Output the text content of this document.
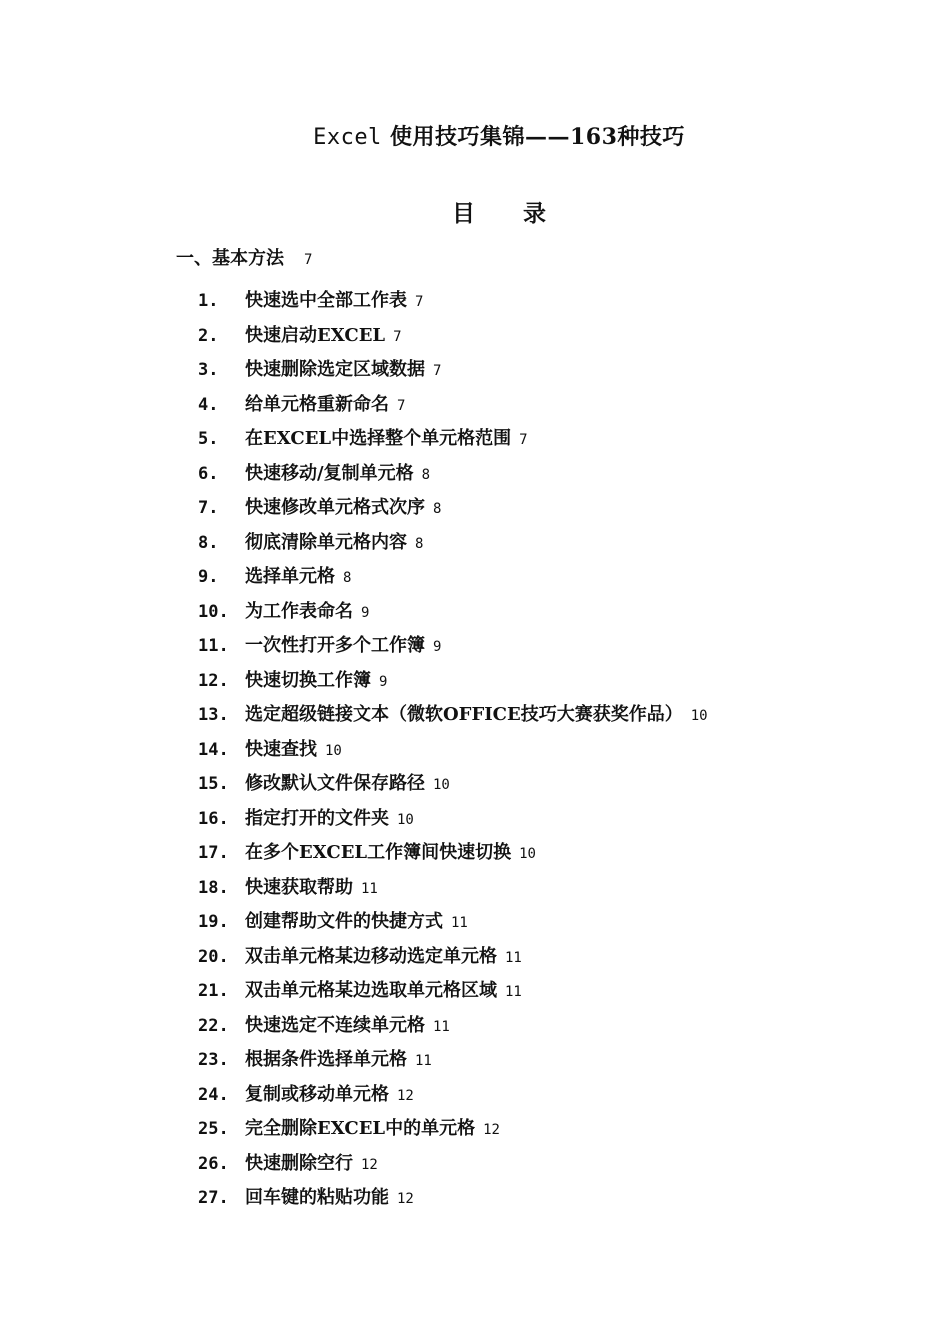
Excel 使用技巧集锦——163种技巧
目 录
一、基本方法 7
1. 快速选中全部工作表 7
2. 快速启动EXCEL 7
3. 快速删除选定区域数据 7
4. 给单元格重新命名 7
5. 在EXCEL中选择整个单元格范围 7
6. 快速移动/复制单元格 8
7. 快速修改单元格式次序 8
8. 彻底清除单元格内容 8
9. 选择单元格 8
10. 为工作表命名 9
11. 一次性打开多个工作簿 9
12. 快速切换工作簿 9
13. 选定超级链接文本（微软OFFICE技巧大赛获奖作品） 10
14. 快速查找 10
15. 修改默认文件保存路径 10
16. 指定打开的文件夹 10
17. 在多个EXCEL工作簿间快速切换 10
18. 快速获取帮助 11
19. 创建帮助文件的快捷方式 11
20. 双击单元格某边移动选定单元格 11
21. 双击单元格某边选取单元格区域 11
22. 快速选定不连续单元格 11
23. 根据条件选择单元格 11
24. 复制或移动单元格 12
25. 完全删除EXCEL中的单元格 12
26. 快速删除空行 12
27. 回车键的粘贴功能 12
